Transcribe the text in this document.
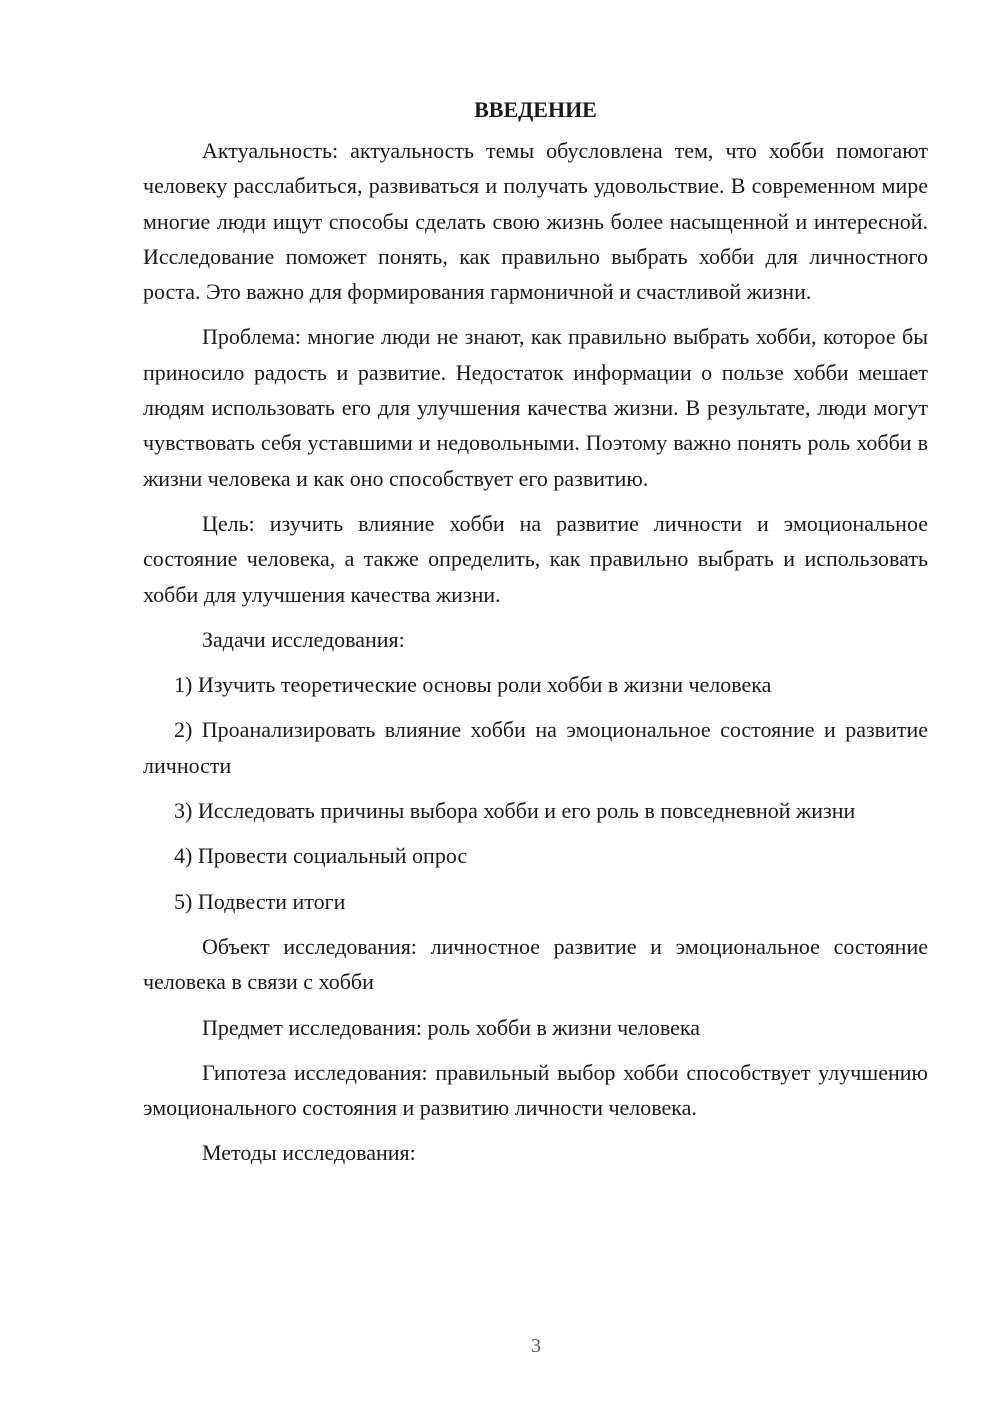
ВВЕДЕНИЕ

Актуальность: актуальность темы обусловлена тем, что хобби помогают человеку расслабиться, развиваться и получать удовольствие. В современном мире многие люди ищут способы сделать свою жизнь более насыщенной и интересной. Исследование поможет понять, как правильно выбрать хобби для личностного роста. Это важно для формирования гармоничной и счастливой жизни.

Проблема: многие люди не знают, как правильно выбрать хобби, которое бы приносило радость и развитие. Недостаток информации о пользе хобби мешает людям использовать его для улучшения качества жизни. В результате, люди могут чувствовать себя уставшими и недовольными. Поэтому важно понять роль хобби в жизни человека и как оно способствует его развитию.

Цель: изучить влияние хобби на развитие личности и эмоциональное состояние человека, а также определить, как правильно выбрать и использовать хобби для улучшения качества жизни.

Задачи исследования:

1) Изучить теоретические основы роли хобби в жизни человека

2) Проанализировать влияние хобби на эмоциональное состояние и развитие личности

3) Исследовать причины выбора хобби и его роль в повседневной жизни

4) Провести социальный опрос

5) Подвести итоги

Объект исследования: личностное развитие и эмоциональное состояние человека в связи с хобби

Предмет исследования: роль хобби в жизни человека

Гипотеза исследования: правильный выбор хобби способствует улучшению эмоционального состояния и развитию личности человека.

Методы исследования:

3
